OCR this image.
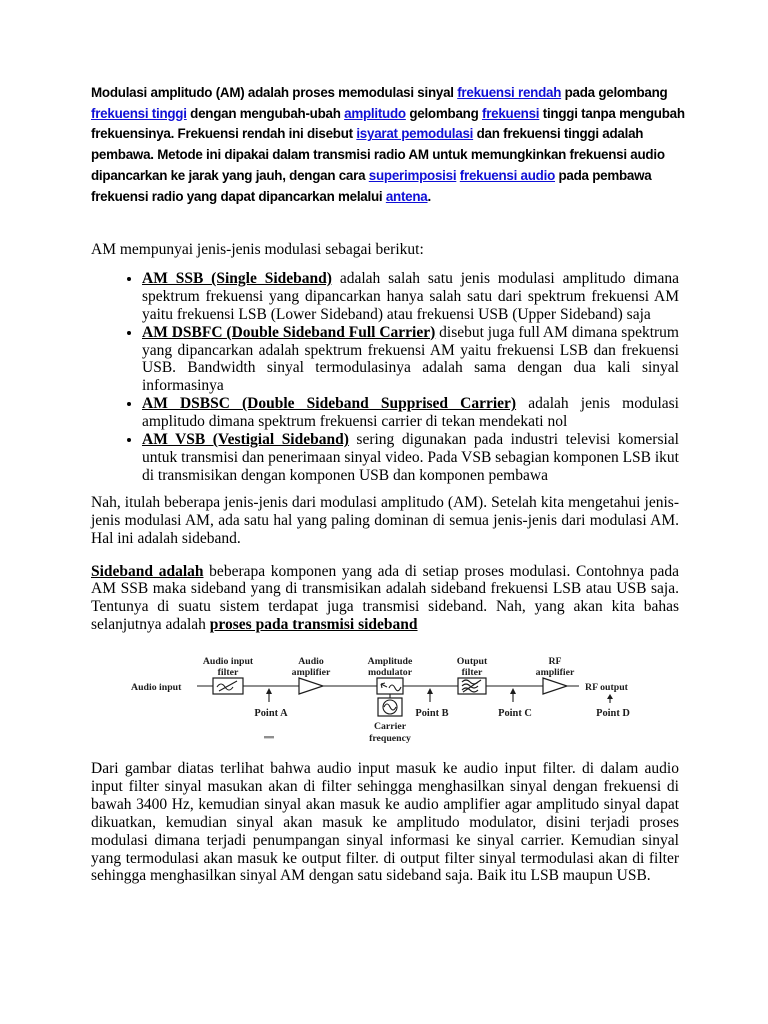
Modulasi amplitudo (AM) adalah proses memodulasi sinyal frekuensi rendah pada gelombang frekuensi tinggi dengan mengubah-ubah amplitudo gelombang frekuensi tinggi tanpa mengubah frekuensinya. Frekuensi rendah ini disebut isyarat pemodulasi dan frekuensi tinggi adalah pembawa. Metode ini dipakai dalam transmisi radio AM untuk memungkinkan frekuensi audio dipancarkan ke jarak yang jauh, dengan cara superimposisi frekuensi audio pada pembawa frekuensi radio yang dapat dipancarkan melalui antena.

AM mempunyai jenis-jenis modulasi sebagai berikut:

• AM SSB (Single Sideband) adalah salah satu jenis modulasi amplitudo dimana spektrum frekuensi yang dipancarkan hanya salah satu dari spektrum frekuensi AM yaitu frekuensi LSB (Lower Sideband) atau frekuensi USB (Upper Sideband) saja
• AM DSBFC (Double Sideband Full Carrier) disebut juga full AM dimana spektrum yang dipancarkan adalah spektrum frekuensi AM yaitu frekuensi LSB dan frekuensi USB. Bandwidth sinyal termodulasinya adalah sama dengan dua kali sinyal informasinya
• AM DSBSC (Double Sideband Supprised Carrier) adalah jenis modulasi amplitudo dimana spektrum frekuensi carrier di tekan mendekati nol
• AM VSB (Vestigial Sideband) sering digunakan pada industri televisi komersial untuk transmisi dan penerimaan sinyal video. Pada VSB sebagian komponen LSB ikut di transmisikan dengan komponen USB dan komponen pembawa

Nah, itulah beberapa jenis-jenis dari modulasi amplitudo (AM). Setelah kita mengetahui jenis-jenis modulasi AM, ada satu hal yang paling dominan di semua jenis-jenis dari modulasi AM. Hal ini adalah sideband.

Sideband adalah beberapa komponen yang ada di setiap proses modulasi. Contohnya pada AM SSB maka sideband yang di transmisikan adalah sideband frekuensi LSB atau USB saja. Tentunya di suatu sistem terdapat juga transmisi sideband. Nah, yang akan kita bahas selanjutnya adalah proses pada transmisi sideband

Audio input
filter
Audio
amplifier
Amplitude
modulator
Output
filter
RF
amplifier
Audio input	RF output
Point A	Point B	Point C	Point D
Carrier
frequency

Dari gambar diatas terlihat bahwa audio input masuk ke audio input filter. di dalam audio input filter sinyal masukan akan di filter sehingga menghasilkan sinyal dengan frekuensi di bawah 3400 Hz, kemudian sinyal akan masuk ke audio amplifier agar amplitudo sinyal dapat dikuatkan, kemudian sinyal akan masuk ke amplitudo modulator, disini terjadi proses modulasi dimana terjadi penumpangan sinyal informasi ke sinyal carrier. Kemudian sinyal yang termodulasi akan masuk ke output filter. di output filter sinyal termodulasi akan di filter sehingga menghasilkan sinyal AM dengan satu sideband saja. Baik itu LSB maupun USB.
